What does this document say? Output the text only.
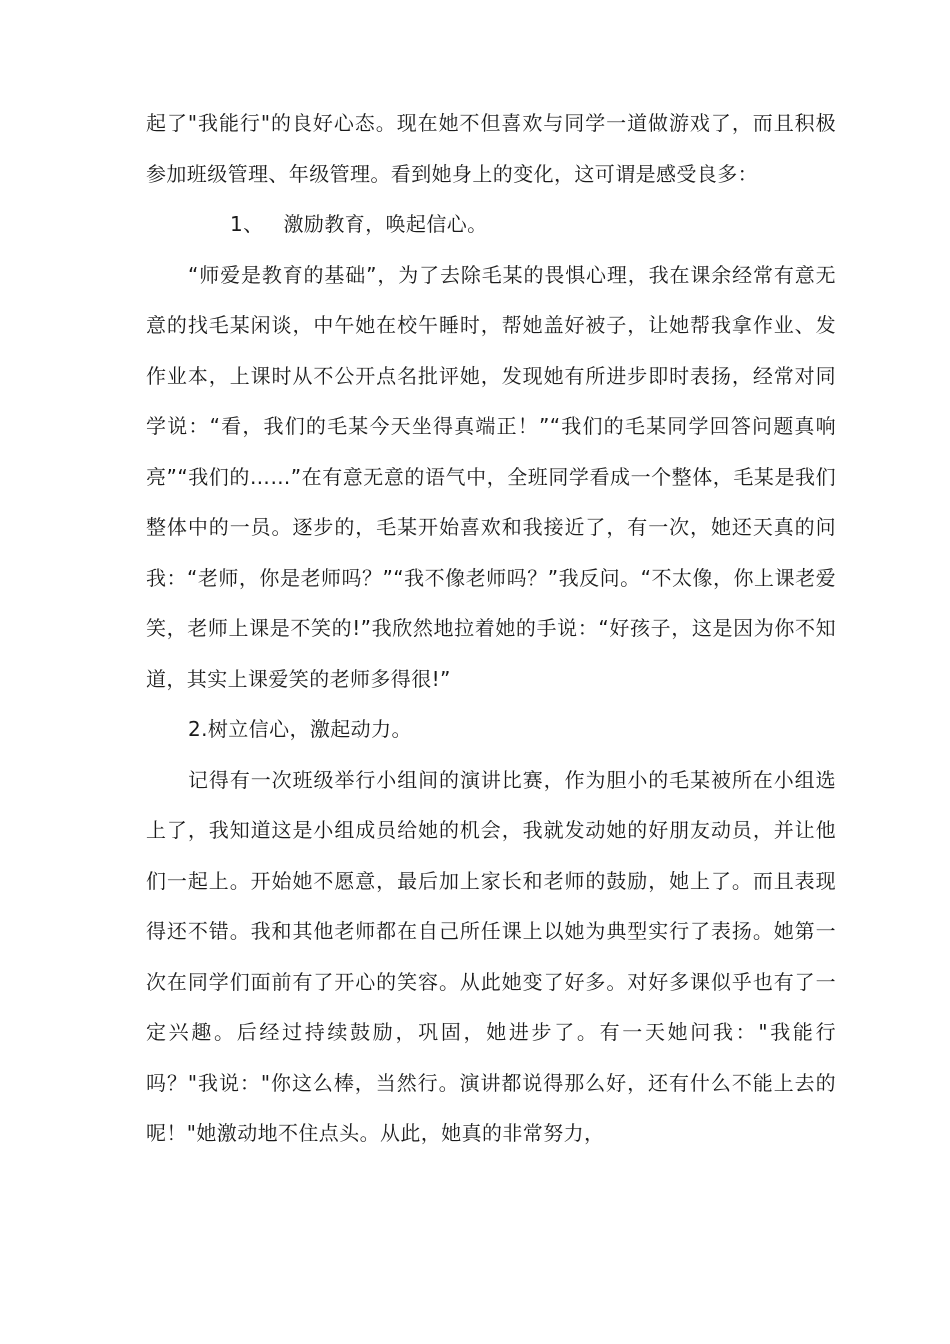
起了"我能行"的良好心态。现在她不但喜欢与同学一道做游戏了，而且积极参加班级管理、年级管理。看到她身上的变化，这可谓是感受良多：

1、 激励教育，唤起信心。

“师爱是教育的基础”，为了去除毛某的畏惧心理，我在课余经常有意无意的找毛某闲谈，中午她在校午睡时，帮她盖好被子，让她帮我拿作业、发作业本，上课时从不公开点名批评她，发现她有所进步即时表扬，经常对同学说：“看，我们的毛某今天坐得真端正！”“我们的毛某同学回答问题真响亮”“我们的……”在有意无意的语气中，全班同学看成一个整体，毛某是我们整体中的一员。逐步的，毛某开始喜欢和我接近了，有一次，她还天真的问我：“老师，你是老师吗？”“我不像老师吗？”我反问。“不太像，你上课老爱笑，老师上课是不笑的!”我欣然地拉着她的手说：“好孩子，这是因为你不知道，其实上课爱笑的老师多得很!”

2.树立信心，激起动力。

记得有一次班级举行小组间的演讲比赛，作为胆小的毛某被所在小组选上了，我知道这是小组成员给她的机会，我就发动她的好朋友动员，并让他们一起上。开始她不愿意，最后加上家长和老师的鼓励，她上了。而且表现得还不错。我和其他老师都在自己所任课上以她为典型实行了表扬。她第一次在同学们面前有了开心的笑容。从此她变了好多。对好多课似乎也有了一定兴趣。后经过持续鼓励，巩固，她进步了。有一天她问我："我能行吗？"我说："你这么棒，当然行。演讲都说得那么好，还有什么不能上去的呢！"她激动地不住点头。从此，她真的非常努力，
